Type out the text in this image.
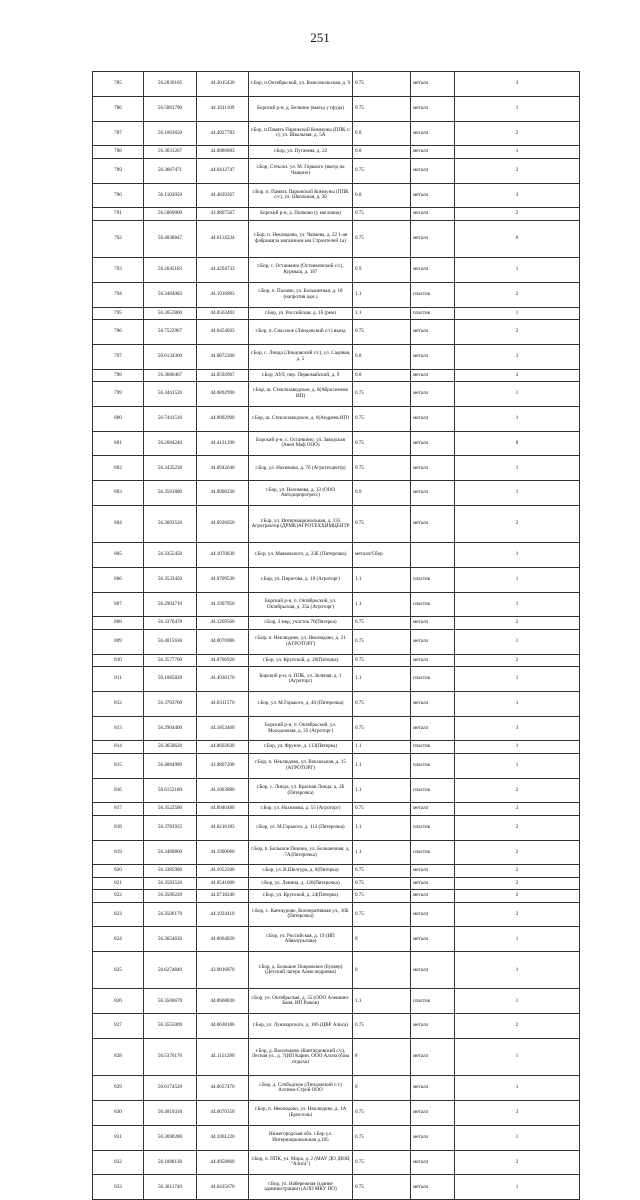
251
785	56.2839105	44.2015430	г.Бор, п.Октябрьский, ул. Комсомольская, д. 9	0.75	металл	3
786	56.5081790	44.1011109	Борский р-н, д. Белкино (выезд у пруда)	0.75	металл	1
787	56.1063650	44.4927783	г.Бор, п.Память Парижской Коммуны (ППК с/с), ул. Школьная, д. 5А	0.8	металл	2
788	56.3631267	44.0886883	г.Бор, ул. Пугачева, д. 22	0.8	металл	1
789	56.3667471	44.0412747	г.Бор, Стеклоз. ул. М. Горького (въезд на Чащино)	0.75	металл	2
790	56.1103050	44.4839267	г.Бор, п. Память Парижской Коммуны (ППК с/с), ул. Школьная, д. 30	0.8	металл	3
791	56.5069000	43.9807567	Борский р-н, д. Попково (у магазина)	0.75	металл	2
792	56.4038847	44.0114234	г.Бор, п. Неклюдово, ул. Чапаева, д. 22 1-ая фабрика(за магазином ым Строителей 1а)	0.75	металл	6
793	56.2645183	44.4294733	г.Бор, с. Останкино (Останкинский с/с), Курмыш, д. 187	0.9	металл	1
794	56.3484083	44.1916883	г.Бор, п. Паламо, ул. Большечная, д. 18 (напротив адм.)	1.1	пластик	2
795	56.3653800	44.0563403	г.Бор, ул. Российская, д. 1б (рем)	1.1	пластик	1
796	56.7522967	44.0454033	г.Бор, п. Спасское (Линдовский с/с) въезд	0.75	металл	2
797	56.6134360	44.0872300	г.Бор, с. Линда (Линдовский с/с), ул. Садовая, д. 5	0.8	металл	3
798	56.3680467	44.0592067	г.Бор, АУЛ, пер. Первомайский, д. 9	0.8	металл	3
799	56.3441520	44.0892990	г.Бор, ш. Стеклозаводское, д. 8(Абросимова ИП)	0.75	металл	1
800	56.7441510	44.0892990	г.Бор, ш. Стеклозаводское, д. 8(Андреев ИП)	0.75	металл	1
801	56.2684240	44.4131290	Борский р-н, с. Останкино, ул. Заводская (Авен Маф ООО)	0.75	металл	8
802	56.3435230	44.0942640	г.Бор, ул. Нахимова, д. 7б (Агротехцентр)	0.75	металл	1
803	56.3581880	44.0908230	г.Бор, ул. Нахимова, д. 33 (ООО Автодорпрогресс)	0.9	металл	1
804	56.3693520	44.0926650	г.Бор, ул. Интернациональная, д. 135 Агротрактор (ДРМК)АГРОТЕХХИМЦЕНТР	0.75	металл	2
805	56.3355450	44.1070830	г.Бор, ул. Маяковского, д. 23Е (Пятерочка)	металл/Сбор		1
806	56.3533450	44.0709530	г.Бор, ул. Пирогова, д. 18 (Агроторг)	1.1	пластик	1
807	56.2904710	44.1907950	Борский р-н, п. Октябрьский, ул. Октябрьская, д. 35а (Агроторг)	1.1	пластик	1
808	56.3370470	44.1269560	г.Бор, 3 мкр, участок 70(Пятерка)	0.75	металл	2
809	56.4015636	44.0076986	г.Бор, п. Неклюдово, ул. Неклюдово, д. 21 (АГРОТОРГ)	0.75	металл	1
810	56.3577760	44.0706920	г.Бор, ул. Крупской, д. 20(Пятерка)	0.75	металл	2
811	56.1085820	44.4930170	Борский р-н, п. ППК, ул. Зеленая, д. 1 (Агроторг)	1.1	пластик	1
812	56.3703760	44.0311570	г.Бор, ул. М.Горького, д. 40 (Пятерочка)	0.75	металл	1
813	56.2904400	44.1853460	Борский р-н, п. Октябрьский, ул. Молодежная, д. 35 (Агроторг)	0.75	металл	3
814	56.3658620	44.0602630	г.Бор, ул. Фрунзе, д. 113(Пятерка)	1.1	пластик	1
815	56.4084989	43.9807208	г.Бор, п. Неклюдово, ул. Вокзальная, д. 15 (АГРОТОРГ)	1.1	пластик	1
816	56.6152180	44.1003880	г.Бор, с. Линда, ул. Красная Линда, д. 2Б (Пятерочка)	1.1	пластик	2
817	56.3522580	44.0940480	г.Бор, ул. Нахимова, д. 55 (Агроторг)	0.75	металл	2
818	56.3783935	44.0216183	г.Бор, ул. М.Горького, д. 112 (Пятерочка)	1.1	пластик	2
819	56.3489860	44.1900060	г.Бор, п. Большое Пикино, ул. Большечная, д. 7А(Пятерочка)	1.1	пластик	2
820	56.3385980	44.1052500	г.Бор, ул. В.Шелгура, д. 8(Пятерка)	0.75	металл	2
821	56.3583520	44.0541000	г.Бор, ул. Ленина, д. 120(Пятерочка)	0.75	металл	2
822	56.3566220	44.0718240	г.Бор, ул. Крупской, д. 24(Пятерка)	0.75	металл	2
823	56.3506170	44.1924410	г.Бор, с. Кантаурово, Кооперативная ул., 16Б (Пятерочка)	0.75	металл	2
824	56.3654630	44.0664820	г.Бор, ул. Российская, д. 19 (ИП Айвазурьлова)	8	металл	1
825	56.6274840	43.9816870	г.Бор, д. Большое Покровское (Булкер) (Детский лагерь Александровка)	8	металл	1
826	56.3566670	44.0668830	г.Бор, ул. Октябрьская, д. 55 (ООО Алешино-Баня. ИП Рыков)	1.1	пластик	1
827	56.3555009	44.0638186	г.Бор, ул. Луначарского, д. 106 (ЦВР Алиса)	0.75	металл	2
828	56.5376170	44.1151280	г.Бор, д. Васильково (Кантауровский с/с), Лесная ул., д. 7(ИП Карин, ООО Алсна (база отдыха)	8	металл	1
829	56.6174520	44.0657470	г.Бор, д. Слободское (Линдовский с/с) Алтимо-Строй ООО	8	металл	1
830	56.4019310	44.0070350	г.Бор, п. Неклюдово, ул. Неклюдово, д. 1А (Бристоль)	0.75	металл	2
831	56.3690280	44.1061220	Нижегородская обл. г.Бор ул. Интернациональная д.105	0.75	металл	1
832	56.1088130	44.4958860	г.Бор, п. ППК, ул. Мира, д. 2 (МАУ ДО ДЮЦ "Алиса")	0.75	металл	2
833	56.3011740	44.0435670	г.Бор, ул. Набережная (здание администрации) (АЛО МКУ ПО)	0.75	металл	1
